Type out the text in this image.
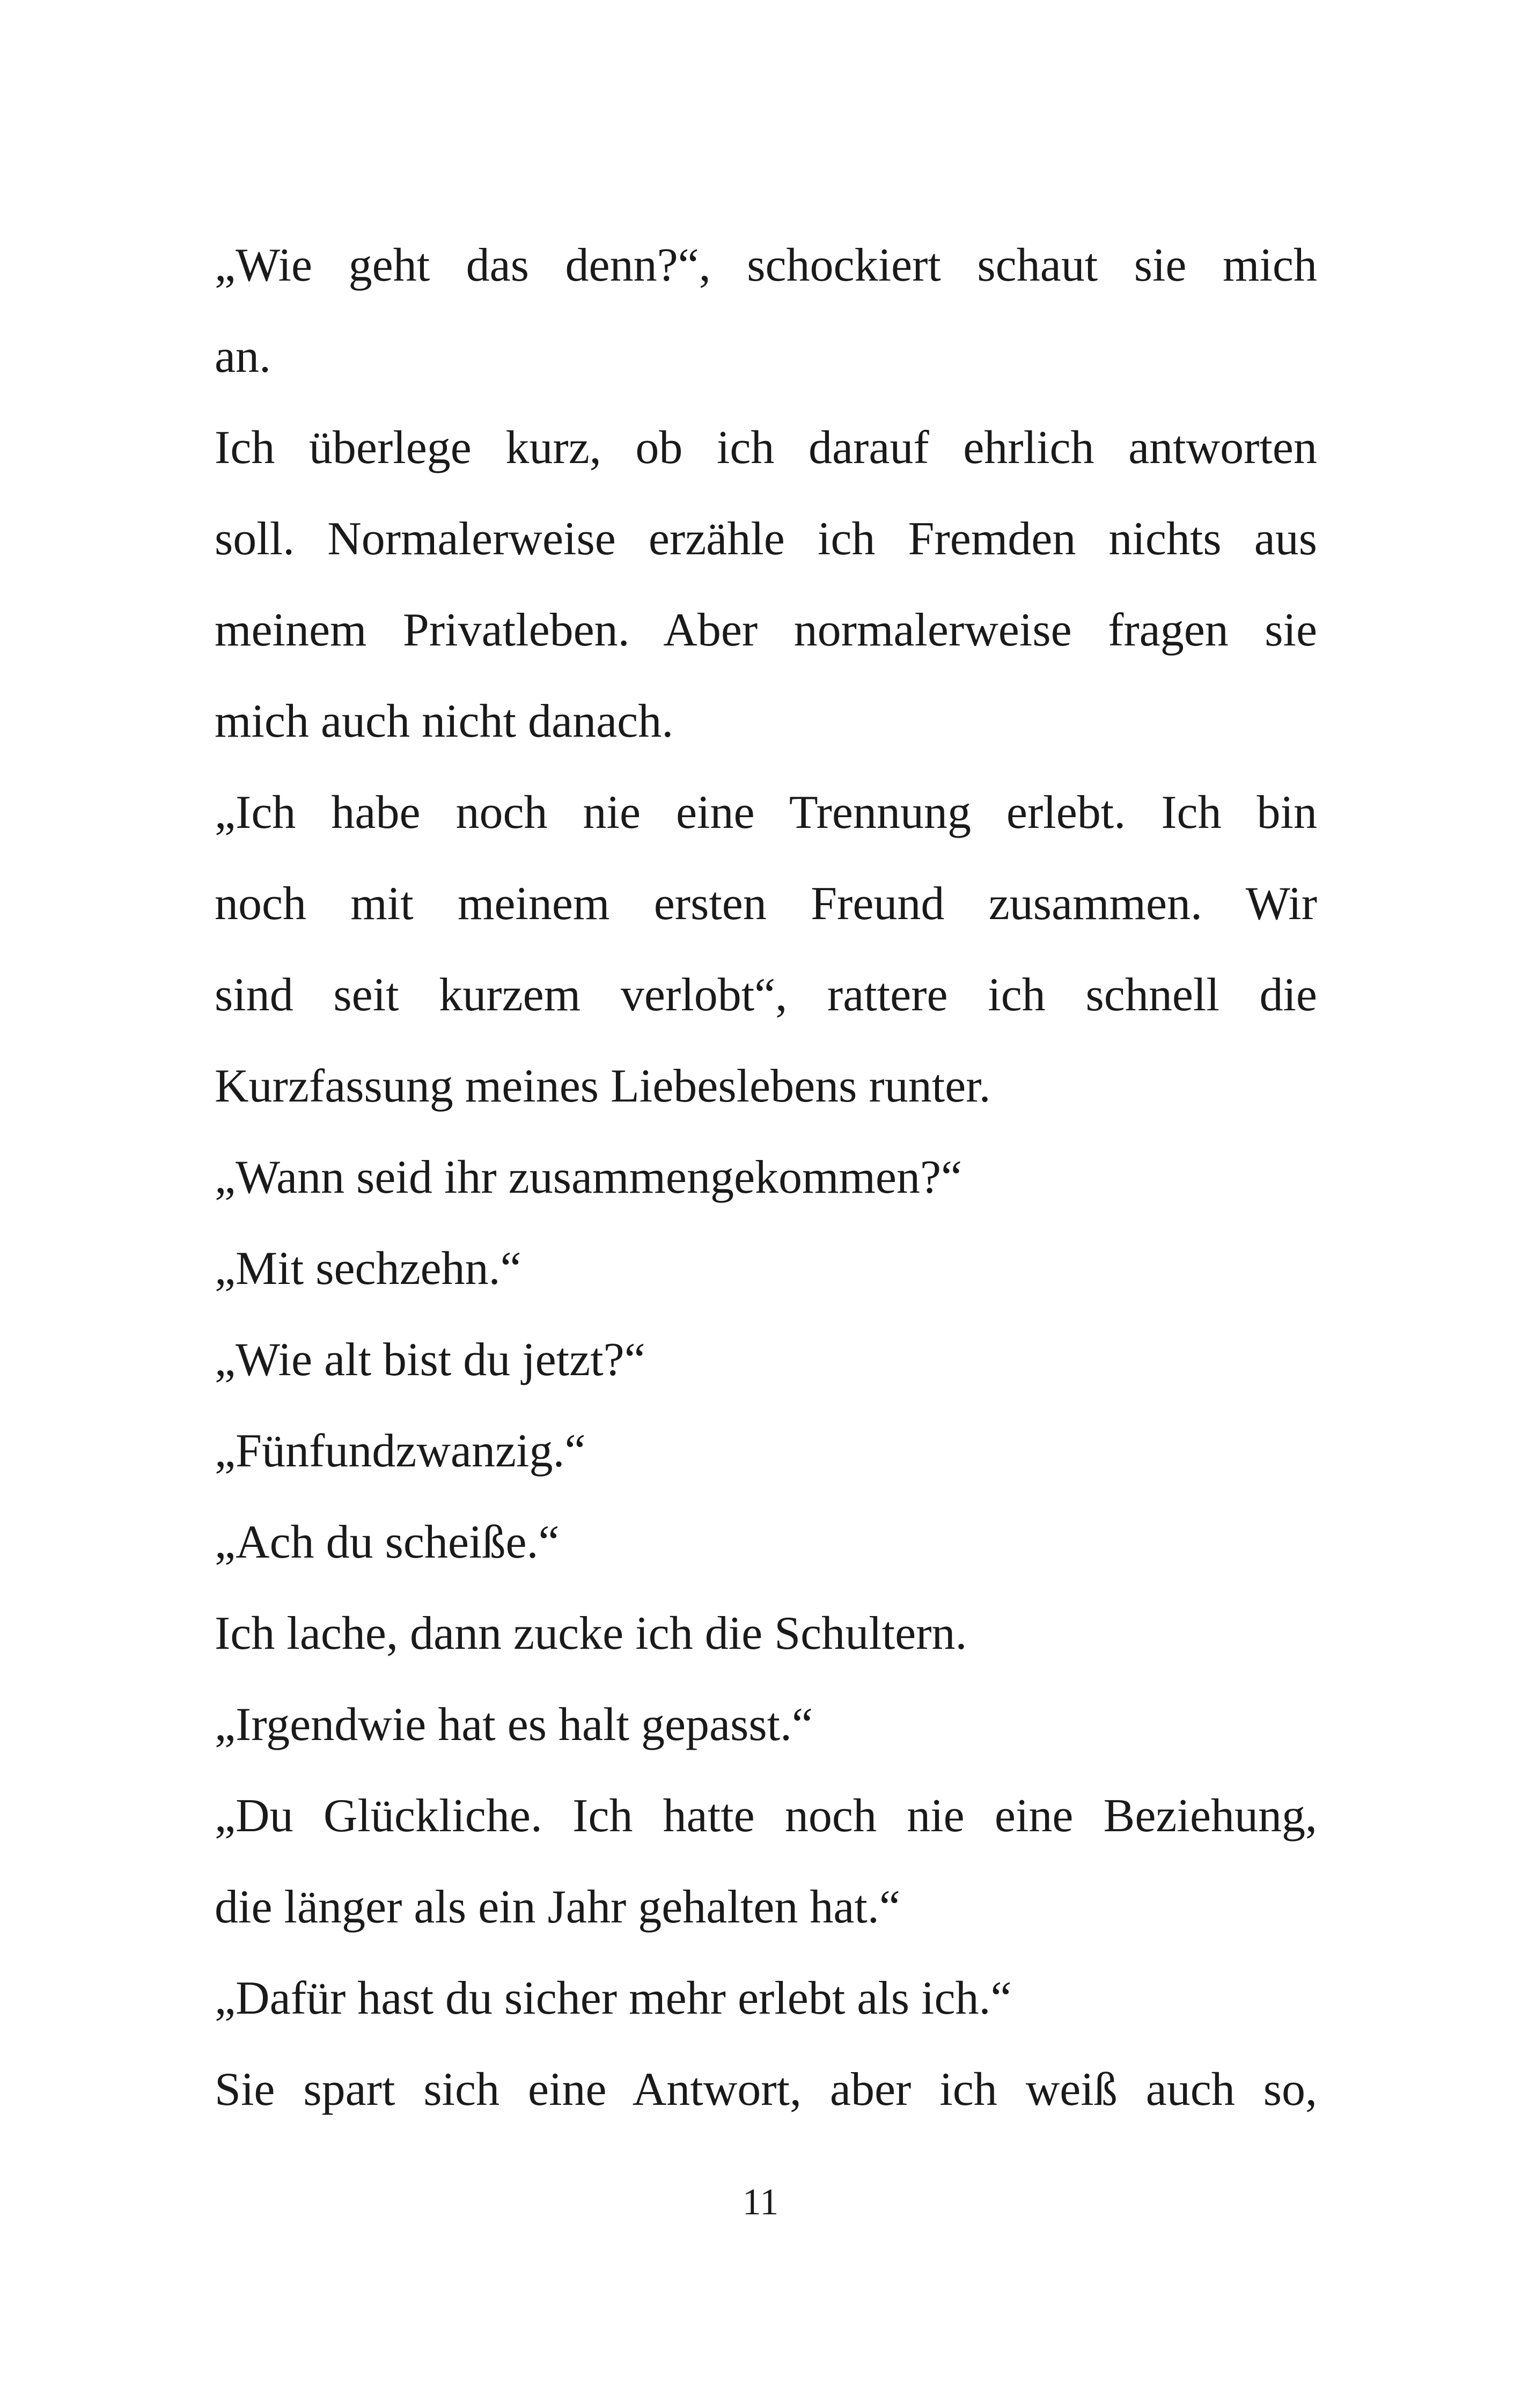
„Wie geht das denn?“, schockiert schaut sie mich
an.
Ich überlege kurz, ob ich darauf ehrlich antworten
soll. Normalerweise erzähle ich Fremden nichts aus
meinem Privatleben. Aber normalerweise fragen sie
mich auch nicht danach.
„Ich habe noch nie eine Trennung erlebt. Ich bin
noch mit meinem ersten Freund zusammen. Wir
sind seit kurzem verlobt“, rattere ich schnell die
Kurzfassung meines Liebeslebens runter.
„Wann seid ihr zusammengekommen?“
„Mit sechzehn.“
„Wie alt bist du jetzt?“
„Fünfundzwanzig.“
„Ach du scheiße.“
Ich lache, dann zucke ich die Schultern.
„Irgendwie hat es halt gepasst.“
„Du Glückliche. Ich hatte noch nie eine Beziehung,
die länger als ein Jahr gehalten hat.“
„Dafür hast du sicher mehr erlebt als ich.“
Sie spart sich eine Antwort, aber ich weiß auch so,
11
